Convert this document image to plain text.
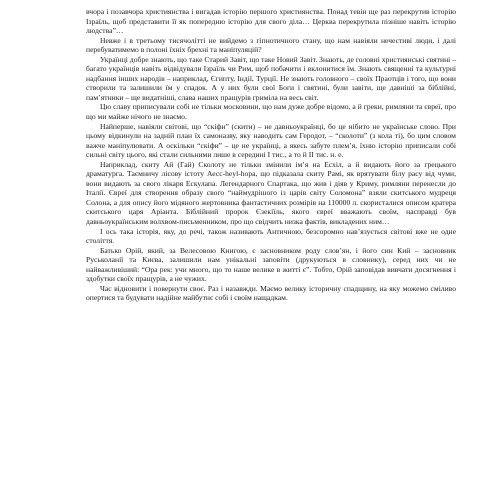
вчора і позавчора християнства і вигадав історію першого християнства. Понад тевін ще раз перекрутив історію Ізраїль, щоб представити її як попередню історію для свого діла… Церква перекрутила пізніше навіть історію людства”…

Невже і в третьому тисячолітті не вийдемо з гіпнотичного стану, що нам навіяли нечестиві люди, і далі перебуватимемо в полоні їхніх брехні та маніпуляцій?

Українці добре знають, що таке Старий Завіт, що таке Новий Завіт. Знають, де головні християнські святині – багато українців навіть відвідували Ізраїль чи Рим, щоб побачити і вклонитися їм. Знають священні та культурні надбання інших народів – наприклад, Єгипту, Індії, Турції. Не знають головного – своїх Праотців і того, що вони створили та залишили їм у спадок. А у них були свої Боги і святині, були завіти, ще давніші за біблійні, пам’ятники – ще видатніші, слава наших пращурів гриміла на весь світ.

Цю славу приписували собі не тільки московини, що нам дуже добре відомо, а й греки, римляни та євреї, про що ми майже нічого не знаємо.

Найперше, навіяли світові, що “скіфи” (скити) – не давньоукраїнці, бо це нібито не українське слово. При цьому відкинули на задній план їх самоназву, яку наводить сам Геродот, – “сколоти” (з кола ті), бо цим словом важче маніпулювати. А оскільки “скіфи” – це не українці, а якесь забуте плем’я, їхню історію приписали собі сильні світу цього, які стали сильними лише в середині І тис., а то й ІІ тис. н. е.

Наприклад, скиту Ай (Гай) Сколоту не тільки змінили ім’я на Есхіл, а й видають його за грецького драматурга. Таємничу лісову істоту Аесс-heyl-hора, що підказала скиту Рамі, як врятувати білу расу від чуми, вони видають за свого лікаря Ескулапа. Легендарного Спартака, що жив і діяв у Криму, римляни перенесли до Італії. Євреї для створення образу свого “наймудрішого із царів світу Соломона” взяли скитського мудреця Солона, а для опису його мідяного жертовника фантастичних розмірів на 110000 л. скористалися описом кратера скитського царя Аріанта. Біблійний пророк Єзекіїль, якого євреї вважають своїм, насправді був давньоукраїнським волхвом-письменником, про що свідчить низка фактів, викладених ним…

І ось така історія, яку, до речі, також називають Античною, безсоромно нав’язується світові вже не одне століття.

Батько Орій, який, за Велесовою Книгою, є засновником роду слов’ян, і його син Кий – засновник Руськоланії та Києва, залишили нам унікальні заповіти (друкуються в словнику), серед них чи не найважливіший: “Ора рек: учи много, що то наше велике в житті є”. Тобто, Орій заповідав вивчати досягнення і здобутки своїх пращурів, а не чужих.

Час відновити і повернути своє. Раз і назавжди. Маємо велику історичну спадщину, на яку можемо сміливо опертися та будувати надійне майбутнє собі і своїм нащадкам.
